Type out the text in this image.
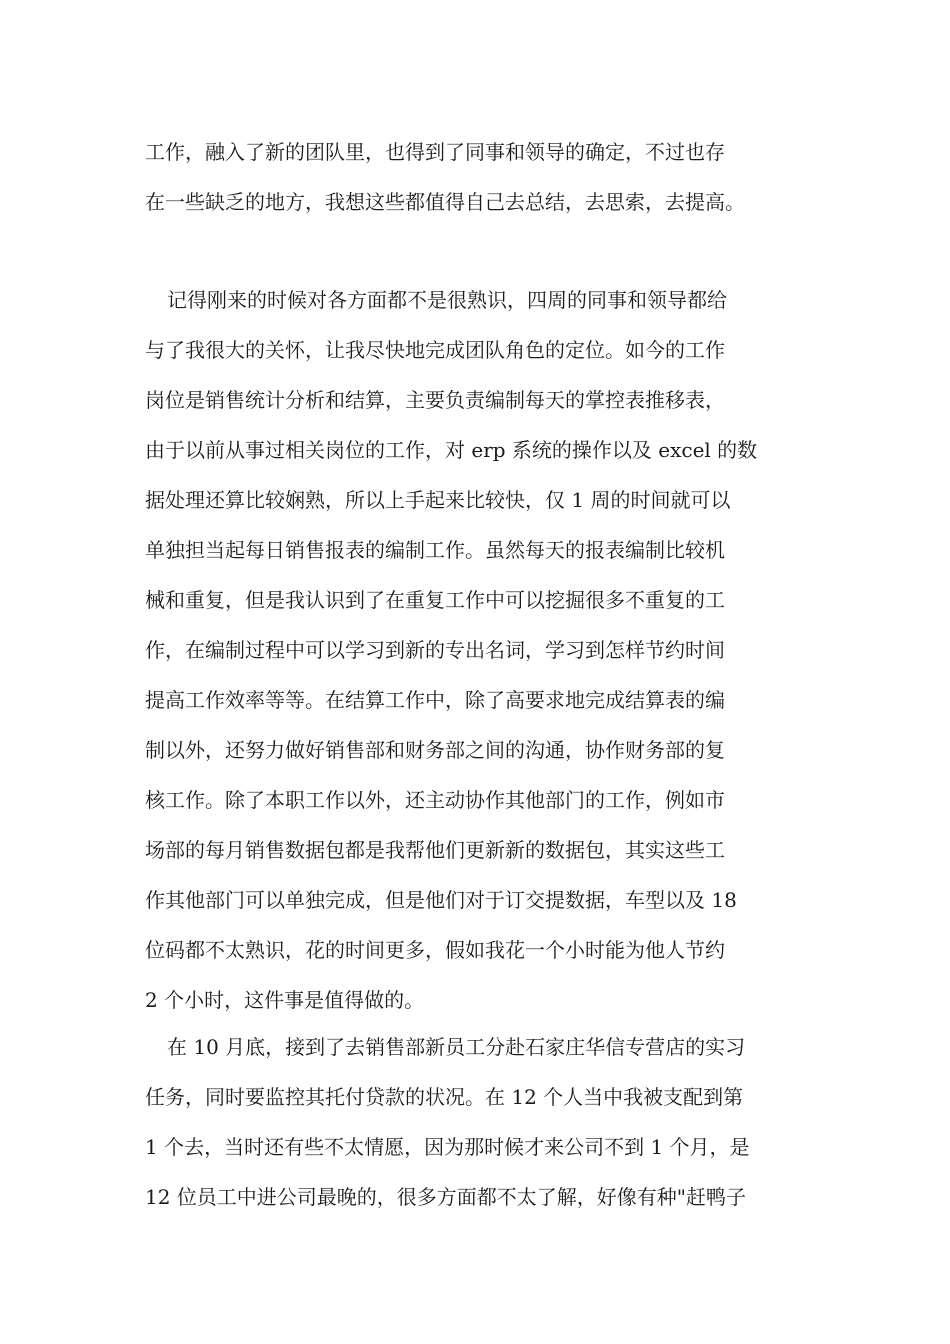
工作，融入了新的团队里，也得到了同事和领导的确定，不过也存
在一些缺乏的地方，我想这些都值得自己去总结，去思索，去提高。
记得刚来的时候对各方面都不是很熟识，四周的同事和领导都给
与了我很大的关怀，让我尽快地完成团队角色的定位。如今的工作
岗位是销售统计分析和结算，主要负责编制每天的掌控表推移表，
由于以前从事过相关岗位的工作，对 erp 系统的操作以及 excel 的数
据处理还算比较娴熟，所以上手起来比较快，仅 1 周的时间就可以
单独担当起每日销售报表的编制工作。虽然每天的报表编制比较机
械和重复，但是我认识到了在重复工作中可以挖掘很多不重复的工
作，在编制过程中可以学习到新的专出名词，学习到怎样节约时间
提高工作效率等等。在结算工作中，除了高要求地完成结算表的编
制以外，还努力做好销售部和财务部之间的沟通，协作财务部的复
核工作。除了本职工作以外，还主动协作其他部门的工作，例如市
场部的每月销售数据包都是我帮他们更新新的数据包，其实这些工
作其他部门可以单独完成，但是他们对于订交提数据，车型以及 18
位码都不太熟识，花的时间更多，假如我花一个小时能为他人节约
2 个小时，这件事是值得做的。
在 10 月底，接到了去销售部新员工分赴石家庄华信专营店的实习
任务，同时要监控其托付贷款的状况。在 12 个人当中我被支配到第
1 个去，当时还有些不太情愿，因为那时候才来公司不到 1 个月，是
12 位员工中进公司最晚的，很多方面都不太了解，好像有种"赶鸭子
